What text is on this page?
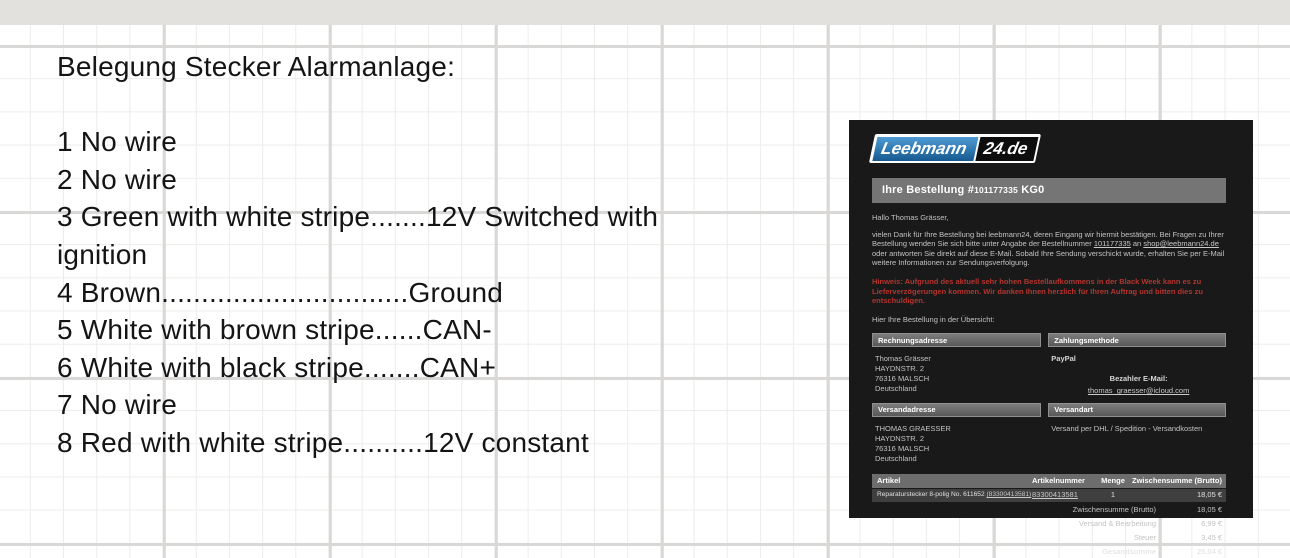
Belegung Stecker Alarmanlage:
1 No wire
2 No wire
3 Green with white stripe.......12V Switched with ignition
4 Brown...............................Ground
5 White with brown stripe......CAN-
6 White with black stripe.......CAN+
7 No wire
8 Red with white stripe..........12V constant
Leebmann 24.de
Ihre Bestellung
# 101177335
KG0
Hallo Thomas Grässer,
vielen Dank für Ihre Bestellung bei leebmann24, deren Eingang wir hiermit bestätigen. Bei Fragen zu Ihrer Bestellung wenden Sie sich bitte unter Angabe der Bestellnummer 101177335 an shop@leebmann24.de oder antworten Sie direkt auf diese E-Mail. Sobald Ihre Sendung verschickt wurde, erhalten Sie per E-Mail weitere Informationen zur Sendungsverfolgung.
Hinweis: Aufgrund des aktuell sehr hohen Bestellaufkommens in der Black Week kann es zu Lieferverzögerungen kommen. Wir danken Ihnen herzlich für Ihren Auftrag und bitten dies zu entschuldigen.
Hier Ihre Bestellung in der Übersicht:
Rechnungsadresse	Zahlungsmethode
Thomas Grässer
HAYDNSTR. 2
76316 MALSCH
Deutschland
PayPal
Bezahler E-Mail:
thomas_graesser@icloud.com
Versandadresse	Versandart
THOMAS GRAESSER
HAYDNSTR. 2
76316 MALSCH
Deutschland
Versand per DHL / Spedition - Versandkosten
Artikel	Artikelnummer	Menge Zwischensumme (Brutto)
Reparaturstecker 8-polig No. 611652 (83300413581) 83300413581	1	18,05 €
Zwischensumme (Brutto)	18,05 €
Versand & Bearbeitung	6,99 €
Steuer	3,45 €
Gesamtsumme	25,04 €
